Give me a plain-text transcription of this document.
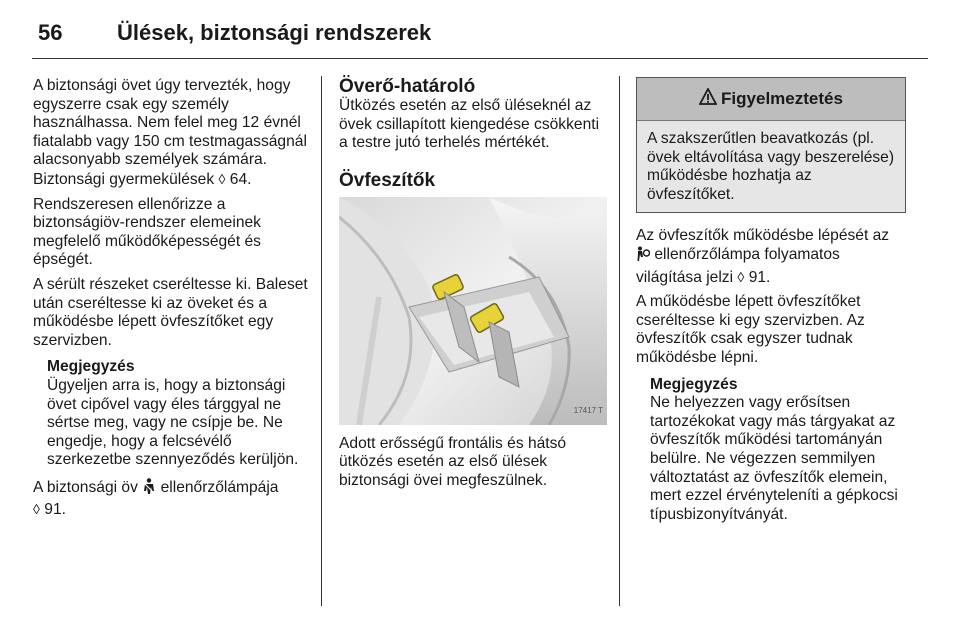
56 Ülések, biztonsági rendszerek

A biztonsági övet úgy tervezték, hogy egyszerre csak egy személy használhassa. Nem felel meg 12 évnél fiatalabb vagy 150 cm testmagasságnál alacsonyabb személyek számára. Biztonsági gyermekülések ◊ 64.

Rendszeresen ellenőrizze a biztonságiöv-rendszer elemeinek megfelelő működőképességét és épségét.

A sérült részeket cseréltesse ki. Baleset után cseréltesse ki az öveket és a működésbe lépett övfeszítőket egy szervizben.

Megjegyzés
Ügyeljen arra is, hogy a biztonsági övet cipővel vagy éles tárggyal ne sértse meg, vagy ne csípje be. Ne engedje, hogy a felcsévélő szerkezetbe szennyeződés kerüljön.

A biztonsági öv ellenőrzőlámpája
◊ 91.

Överő-határoló

Ütközés esetén az első üléseknél az övek csillapított kiengedése csökkenti a testre jutó terhelés mértékét.

Övfeszítők
17417 T

Adott erősségű frontális és hátsó ütközés esetén az első ülések biztonsági övei megfeszülnek.

Figyelmeztetés
A szakszerűtlen beavatkozás (pl. övek eltávolítása vagy beszerelése) működésbe hozhatja az övfeszítőket.

Az övfeszítők működésbe lépését az
ellenőrzőlámpa folyamatos világítása jelzi ◊ 91.

A működésbe lépett övfeszítőket cseréltesse ki egy szervizben. Az övfeszítők csak egyszer tudnak működésbe lépni.

Megjegyzés
Ne helyezzen vagy erősítsen tartozékokat vagy más tárgyakat az övfeszítők működési tartományán belülre. Ne végezzen semmilyen változtatást az övfeszítők elemein, mert ezzel érvényteleníti a gépkocsi típusbizonyítványát.
